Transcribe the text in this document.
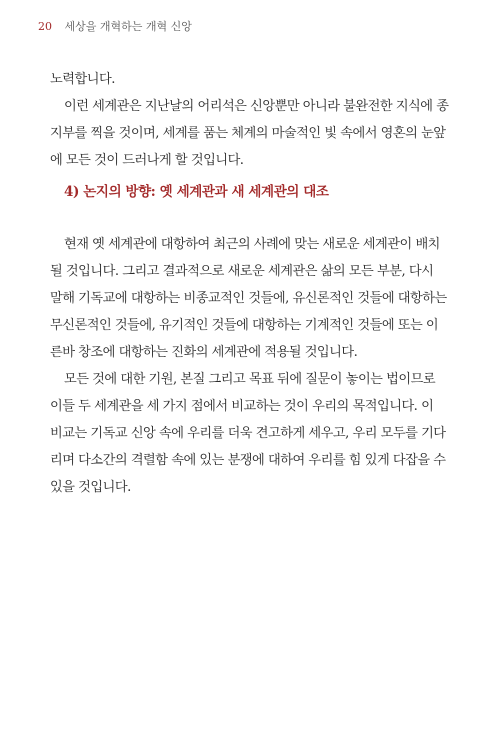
20 세상을 개혁하는 개혁 신앙
노력합니다.
이런 세계관은 지난날의 어리석은 신앙뿐만 아니라 불완전한 지식에 종
지부를 찍을 것이며, 세계를 품는 체계의 마술적인 빛 속에서 영혼의 눈앞
에 모든 것이 드러나게 할 것입니다.
4) 논지의 방향: 옛 세계관과 새 세계관의 대조
현재 옛 세계관에 대항하여 최근의 사례에 맞는 새로운 세계관이 배치
될 것입니다. 그리고 결과적으로 새로운 세계관은 삶의 모든 부분, 다시
말해 기독교에 대항하는 비종교적인 것들에, 유신론적인 것들에 대항하는
무신론적인 것들에, 유기적인 것들에 대항하는 기계적인 것들에 또는 이
른바 창조에 대항하는 진화의 세계관에 적용될 것입니다.
모든 것에 대한 기원, 본질 그리고 목표 뒤에 질문이 놓이는 법이므로
이들 두 세계관을 세 가지 점에서 비교하는 것이 우리의 목적입니다. 이
비교는 기독교 신앙 속에 우리를 더욱 견고하게 세우고, 우리 모두를 기다
리며 다소간의 격렬함 속에 있는 분쟁에 대하여 우리를 힘 있게 다잡을 수
있을 것입니다.
